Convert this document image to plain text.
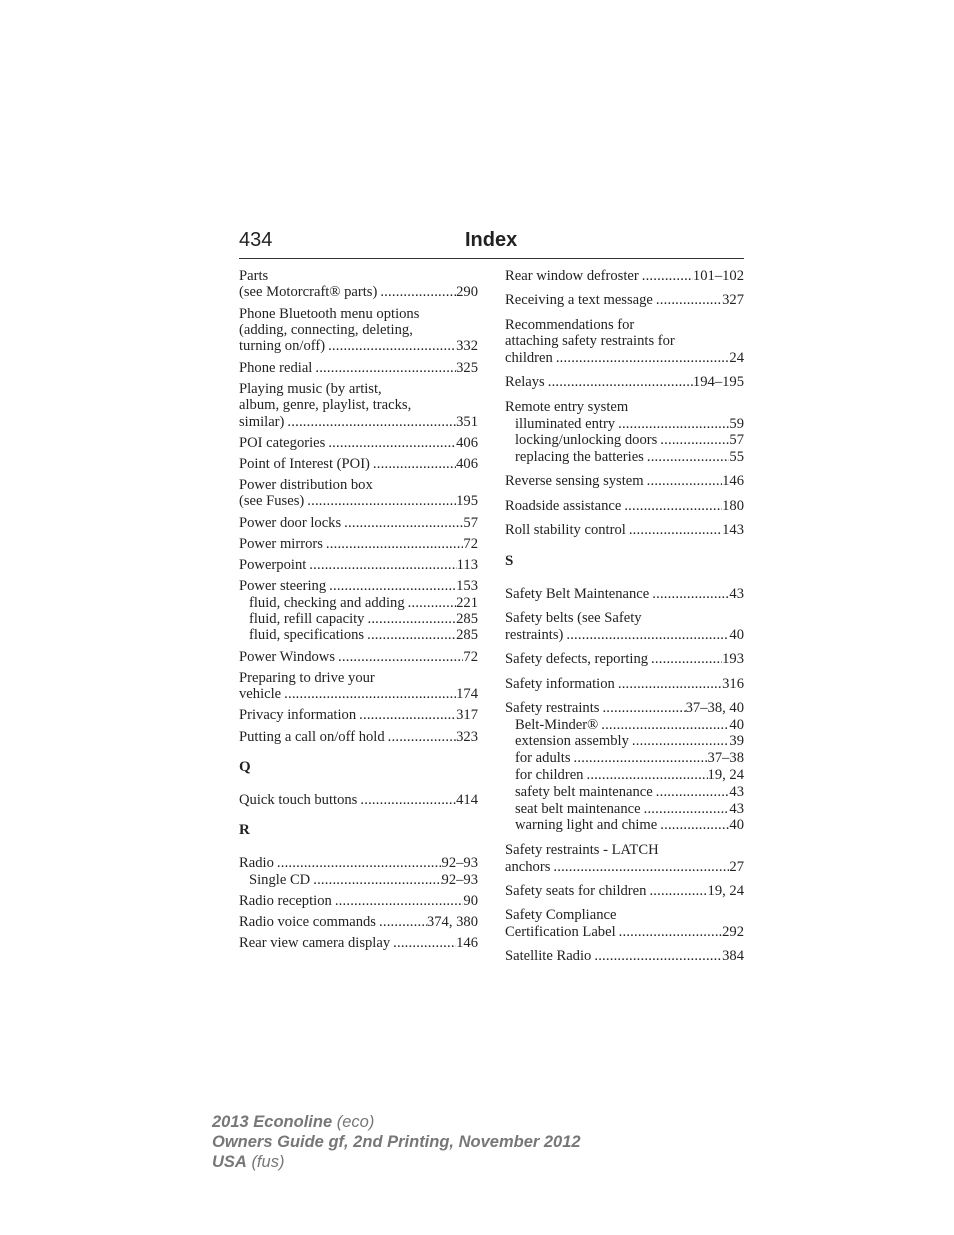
434	Index
Parts
(see Motorcraft® parts) .....	290
Phone Bluetooth menu options
(adding, connecting, deleting,
turning on/off) .....	332
Phone redial .....	325
Playing music (by artist,
album, genre, playlist, tracks,
similar) .....	351
POI categories .....	406
Point of Interest (POI) .....	406
Power distribution box
(see Fuses) .....	195
Power door locks .....	57
Power mirrors .....	72
Powerpoint .....	113
Power steering .....	153
fluid, checking and adding .....	221
fluid, refill capacity .....	285
fluid, specifications .....	285
Power Windows .....	72
Preparing to drive your
vehicle .....	174
Privacy information .....	317
Putting a call on/off hold .....	323
Q
Quick touch buttons .....	414
R
Radio .....	92–93
Single CD .....	92–93
Radio reception .....	90
Radio voice commands .....	374, 380
Rear view camera display .....	146
Rear window defroster .....	101–102
Receiving a text message .....	327
Recommendations for
attaching safety restraints for
children .....	24
Relays .....	194–195
Remote entry system
illuminated entry .....	59
locking/unlocking doors .....	57
replacing the batteries .....	55
Reverse sensing system .....	146
Roadside assistance .....	180
Roll stability control .....	143
S
Safety Belt Maintenance .....	43
Safety belts (see Safety
restraints) .....	40
Safety defects, reporting .....	193
Safety information .....	316
Safety restraints .....	37–38, 40
Belt-Minder® .....	40
extension assembly .....	39
for adults .....	37–38
for children .....	19, 24
safety belt maintenance .....	43
seat belt maintenance .....	43
warning light and chime .....	40
Safety restraints - LATCH
anchors .....	27
Safety seats for children .....	19, 24
Safety Compliance
Certification Label .....	292
Satellite Radio .....	384
2013 Econoline (eco)
Owners Guide gf, 2nd Printing, November 2012
USA (fus)
